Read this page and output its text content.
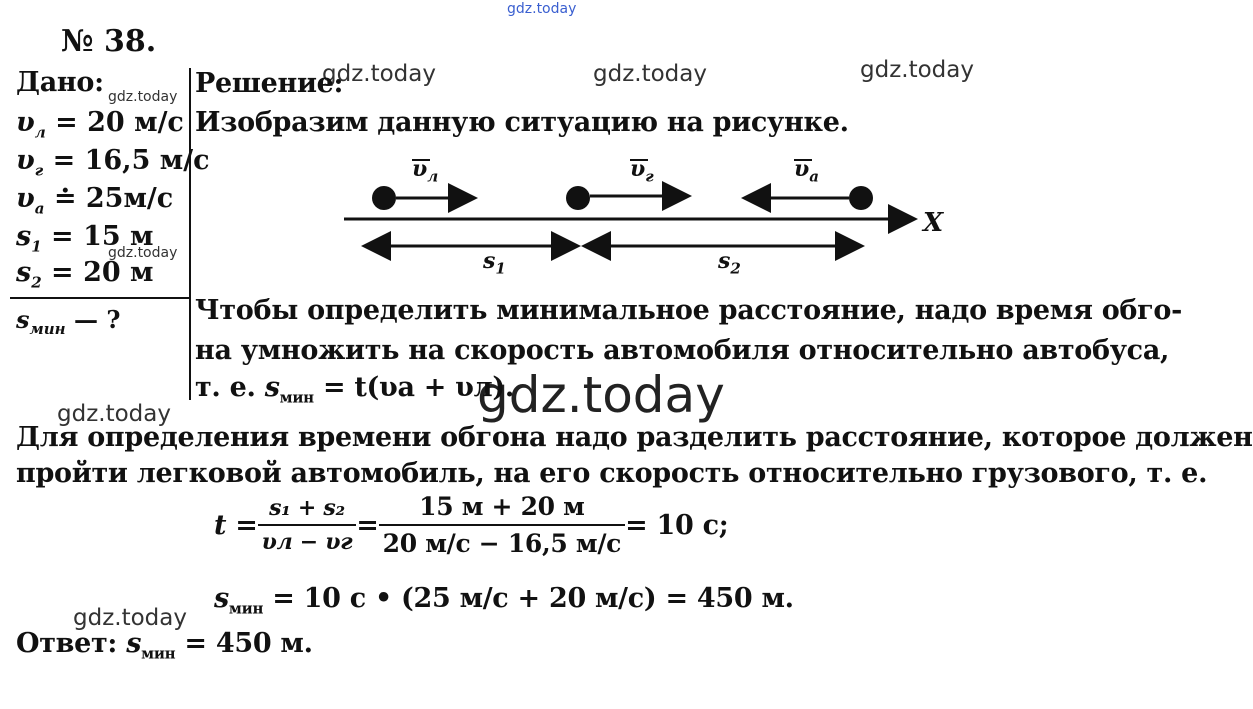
gdz.today
gdz.today
gdz.today
gdz.today	gdz.today	gdz.today
gdz.today
gdz.today
gdz.today
№ 38.
Дано:
$\upsilon_л = 20$ м/с
$\upsilon_г = 16,5$ м/с
$\upsilon_а$ ≐ 25м/с
$s_1 = 15$ м
$s_2 = 20$ м
$s_{мин}$ — ?
Решение:
Изобразим данную ситуацию на рисунке.
$\upsilon_л$	$\upsilon_г$	$\upsilon_а$
X
$s_1$	$s_2$
Чтобы определить минимальное расстояние, надо время обго-
на умножить на скорость автомобиля относительно автобуса,
т. е. $s_{мин} = t(\upsilon а + \upsilon л)$.
Для определения времени обгона надо разделить расстояние, которое должен
пройти легковой автомобиль, на его скорость относительно грузового, т. е.
$t = \frac{\text{s₁ + s₂}}{\upsilon л - \upsilon г} = \frac{15 м + 20 м}{20 м/с - 16,5 м/с} = 10$ с;
$s_{мин} = 10$ с • (25 м/с + 20 м/с) = 450 м.
Ответ: $s_{мин} = 450$ м.
